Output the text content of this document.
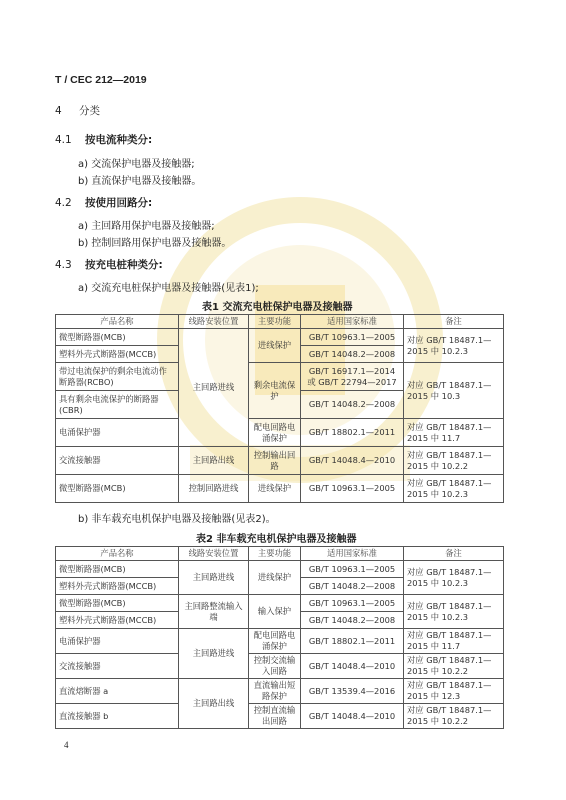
T / CEC 212—2019
4 分类
4.1 按电流种类分:
a) 交流保护电器及接触器;
b) 直流保护电器及接触器。
4.2 按使用回路分:
a) 主回路用保护电器及接触器;
b) 控制回路用保护电器及接触器。
4.3 按充电桩种类分:
a) 交流充电桩保护电器及接触器(见表1);
表1 交流充电桩保护电器及接触器
产品名称	线路安装位置	主要功能	适用国家标准	备注
微型断路器(MCB)	主回路进线	进线保护	GB/T 10963.1—2005	对应 GB/T 18487.1—2015 中 10.2.3
塑料外壳式断路器(MCCB)			GB/T 14048.2—2008	
带过电流保护的剩余电流动作断路器(RCBO)		剩余电流保护	GB/T 16917.1—2014 或 GB/T 22794—2017	对应 GB/T 18487.1—2015 中 10.3
具有剩余电流保护的断路器(CBR)			GB/T 14048.2—2008	
电涌保护器		配电回路电涌保护	GB/T 18802.1—2011	对应 GB/T 18487.1—2015 中 11.7
交流接触器	主回路出线	控制输出回路	GB/T 14048.4—2010	对应 GB/T 18487.1—2015 中 10.2.2
微型断路器(MCB)	控制回路进线	进线保护	GB/T 10963.1—2005	对应 GB/T 18487.1—2015 中 10.2.3
b) 非车载充电机保护电器及接触器(见表2)。
表2 非车载充电机保护电器及接触器
产品名称	线路安装位置	主要功能	适用国家标准	备注
微型断路器(MCB)	主回路进线	进线保护	GB/T 10963.1—2005	对应 GB/T 18487.1—2015 中 10.2.3
塑料外壳式断路器(MCCB)			GB/T 14048.2—2008	
微型断路器(MCB)	主回路整流输入端	输入保护	GB/T 10963.1—2005	对应 GB/T 18487.1—2015 中 10.2.3
塑料外壳式断路器(MCCB)			GB/T 14048.2—2008	
电涌保护器	主回路进线	配电回路电涌保护	GB/T 18802.1—2011	对应 GB/T 18487.1—2015 中 11.7
交流接触器		控制交流输入回路	GB/T 14048.4—2010	对应 GB/T 18487.1—2015 中 10.2.2
直流熔断器 a	主回路出线	直流输出短路保护	GB/T 13539.4—2016	对应 GB/T 18487.1—2015 中 12.3
直流接触器 b		控制直流输出回路	GB/T 14048.4—2010	对应 GB/T 18487.1—2015 中 10.2.2
4
